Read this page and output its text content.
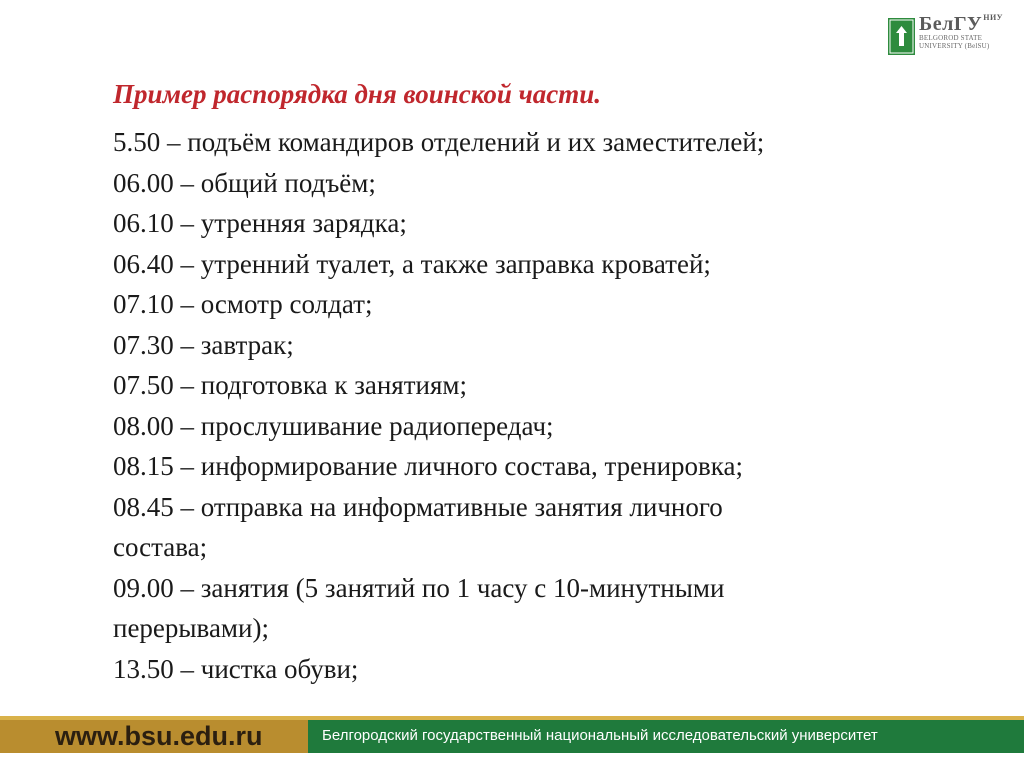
БелГУ$^{НИУ}$
BELGOROD STATE
UNIVERSITY (BelSU)
Пример распорядка дня воинской части.
5.50 – подъём командиров отделений и их заместителей;
06.00 – общий подъём;
06.10 – утренняя зарядка;
06.40 – утренний туалет, а также заправка кроватей;
07.10 – осмотр солдат;
07.30 – завтрак;
07.50 – подготовка к занятиям;
08.00 – прослушивание радиопередач;
08.15 – информирование личного состава, тренировка;
08.45 – отправка на информативные занятия личного
состава;
09.00 – занятия (5 занятий по 1 часу с 10-минутными
перерывами);
13.50 – чистка обуви;
www.bsu.edu.ru	Белгородский государственный национальный исследовательский университет
